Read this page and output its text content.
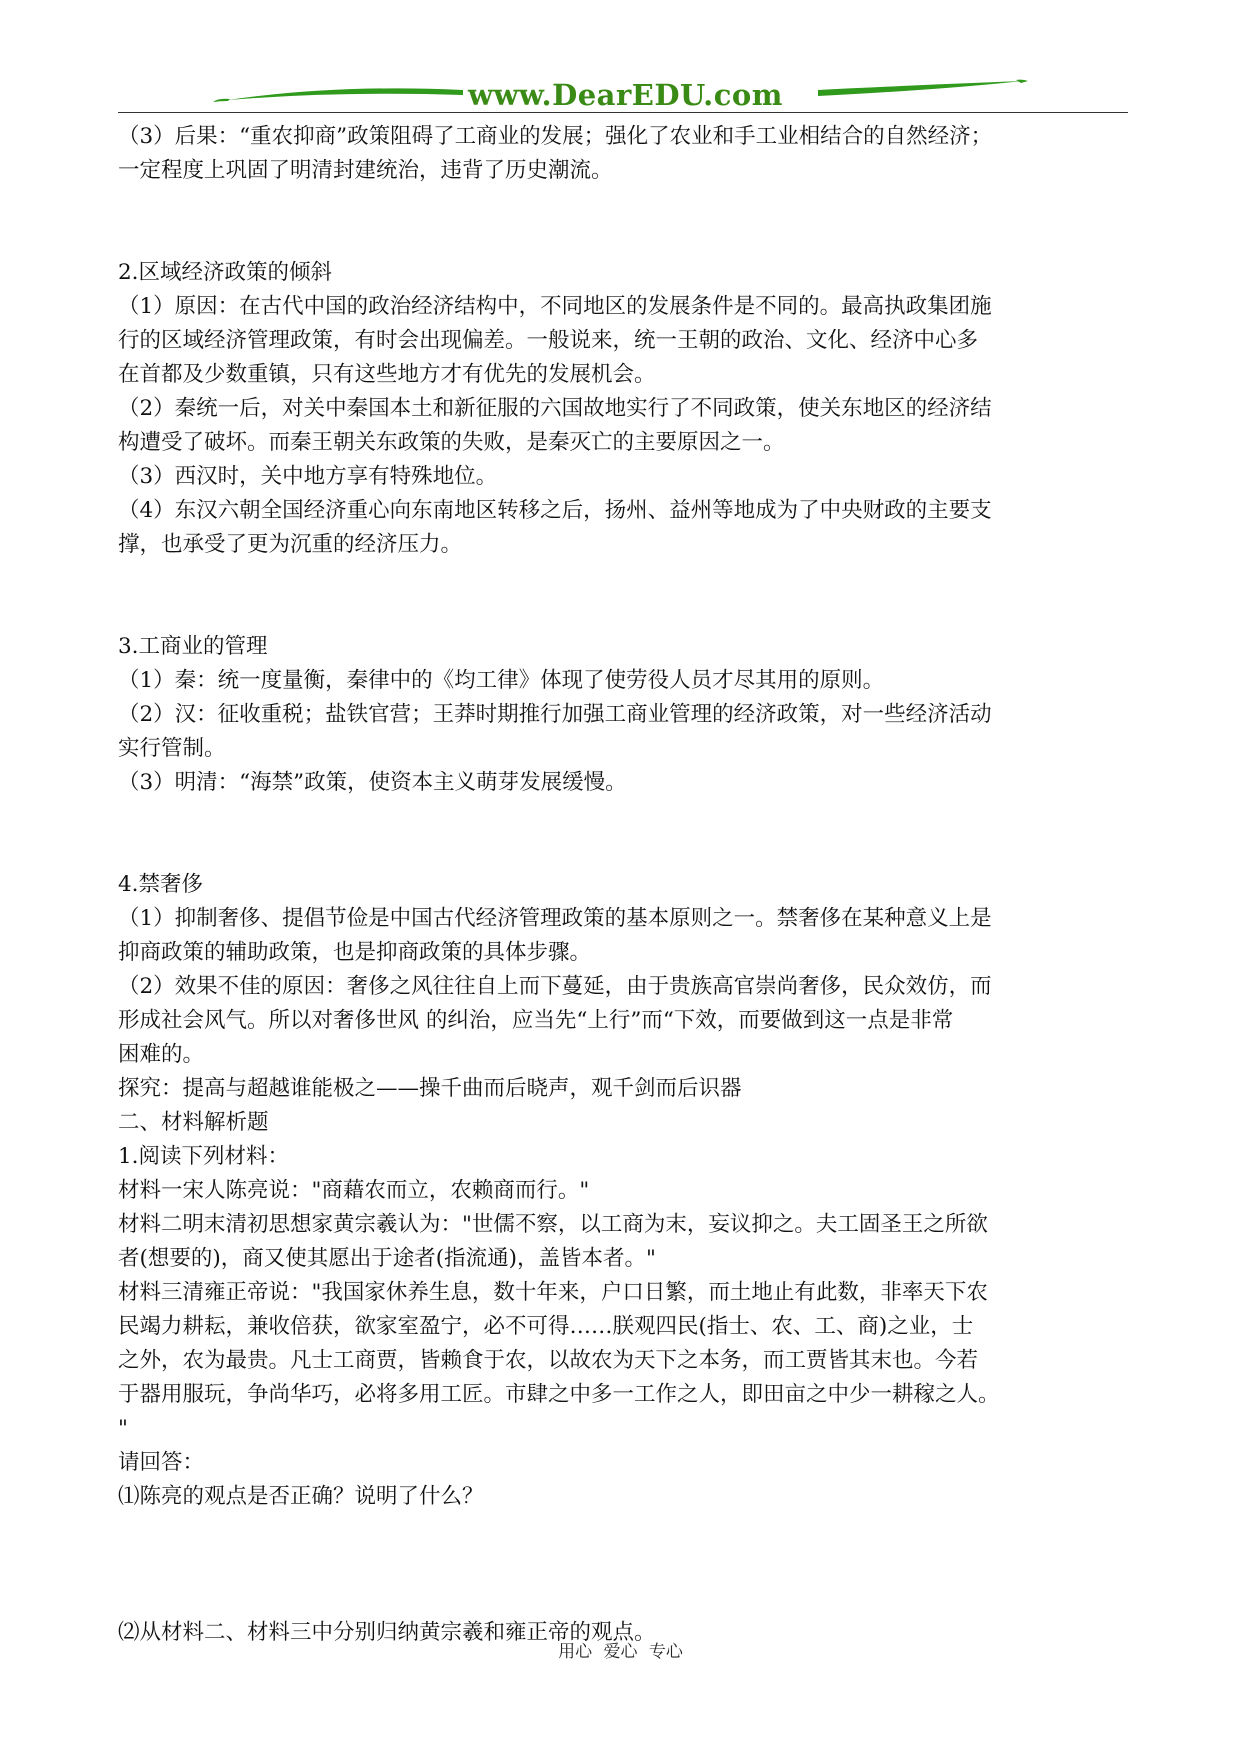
www.DearEDU.com

（3）后果：“重农抑商”政策阻碍了工商业的发展；强化了农业和手工业相结合的自然经济；

一定程度上巩固了明清封建统治，违背了历史潮流。

2.区域经济政策的倾斜

（1）原因：在古代中国的政治经济结构中，不同地区的发展条件是不同的。最高执政集团施

行的区域经济管理政策，有时会出现偏差。一般说来，统一王朝的政治、文化、经济中心多

在首都及少数重镇，只有这些地方才有优先的发展机会。

（2）秦统一后，对关中秦国本土和新征服的六国故地实行了不同政策，使关东地区的经济结

构遭受了破坏。而秦王朝关东政策的失败，是秦灭亡的主要原因之一。

（3）西汉时，关中地方享有特殊地位。

（4）东汉六朝全国经济重心向东南地区转移之后，扬州、益州等地成为了中央财政的主要支

撑，也承受了更为沉重的经济压力。

3.工商业的管理

（1）秦：统一度量衡，秦律中的《均工律》体现了使劳役人员才尽其用的原则。

（2）汉：征收重税；盐铁官营；王莽时期推行加强工商业管理的经济政策，对一些经济活动

实行管制。

（3）明清：“海禁”政策，使资本主义萌芽发展缓慢。

4.禁奢侈

（1）抑制奢侈、提倡节俭是中国古代经济管理政策的基本原则之一。禁奢侈在某种意义上是

抑商政策的辅助政策，也是抑商政策的具体步骤。

（2）效果不佳的原因：奢侈之风往往自上而下蔓延，由于贵族高官崇尚奢侈，民众效仿，而

形成社会风气。所以对奢侈世风 的纠治，应当先“上行”而“下效，而要做到这一点是非常

困难的。

探究：提高与超越谁能极之——操千曲而后晓声，观千剑而后识器

二、材料解析题

1.阅读下列材料：

材料一宋人陈亮说："商藉农而立，农赖商而行。"

材料二明末清初思想家黄宗羲认为："世儒不察，以工商为末，妄议抑之。夫工固圣王之所欲

者(想要的)，商又使其愿出于途者(指流通)，盖皆本者。"

材料三清雍正帝说："我国家休养生息，数十年来，户口日繁，而土地止有此数，非率天下农

民竭力耕耘，兼收倍获，欲家室盈宁，必不可得……朕观四民(指士、农、工、商)之业，士

之外，农为最贵。凡士工商贾，皆赖食于农，以故农为天下之本务，而工贾皆其末也。今若

于器用服玩，争尚华巧，必将多用工匠。市肆之中多一工作之人，即田亩之中少一耕稼之人。

"

请回答：

⑴陈亮的观点是否正确？说明了什么？

⑵从材料二、材料三中分别归纳黄宗羲和雍正帝的观点。

用心 爱心 专心
